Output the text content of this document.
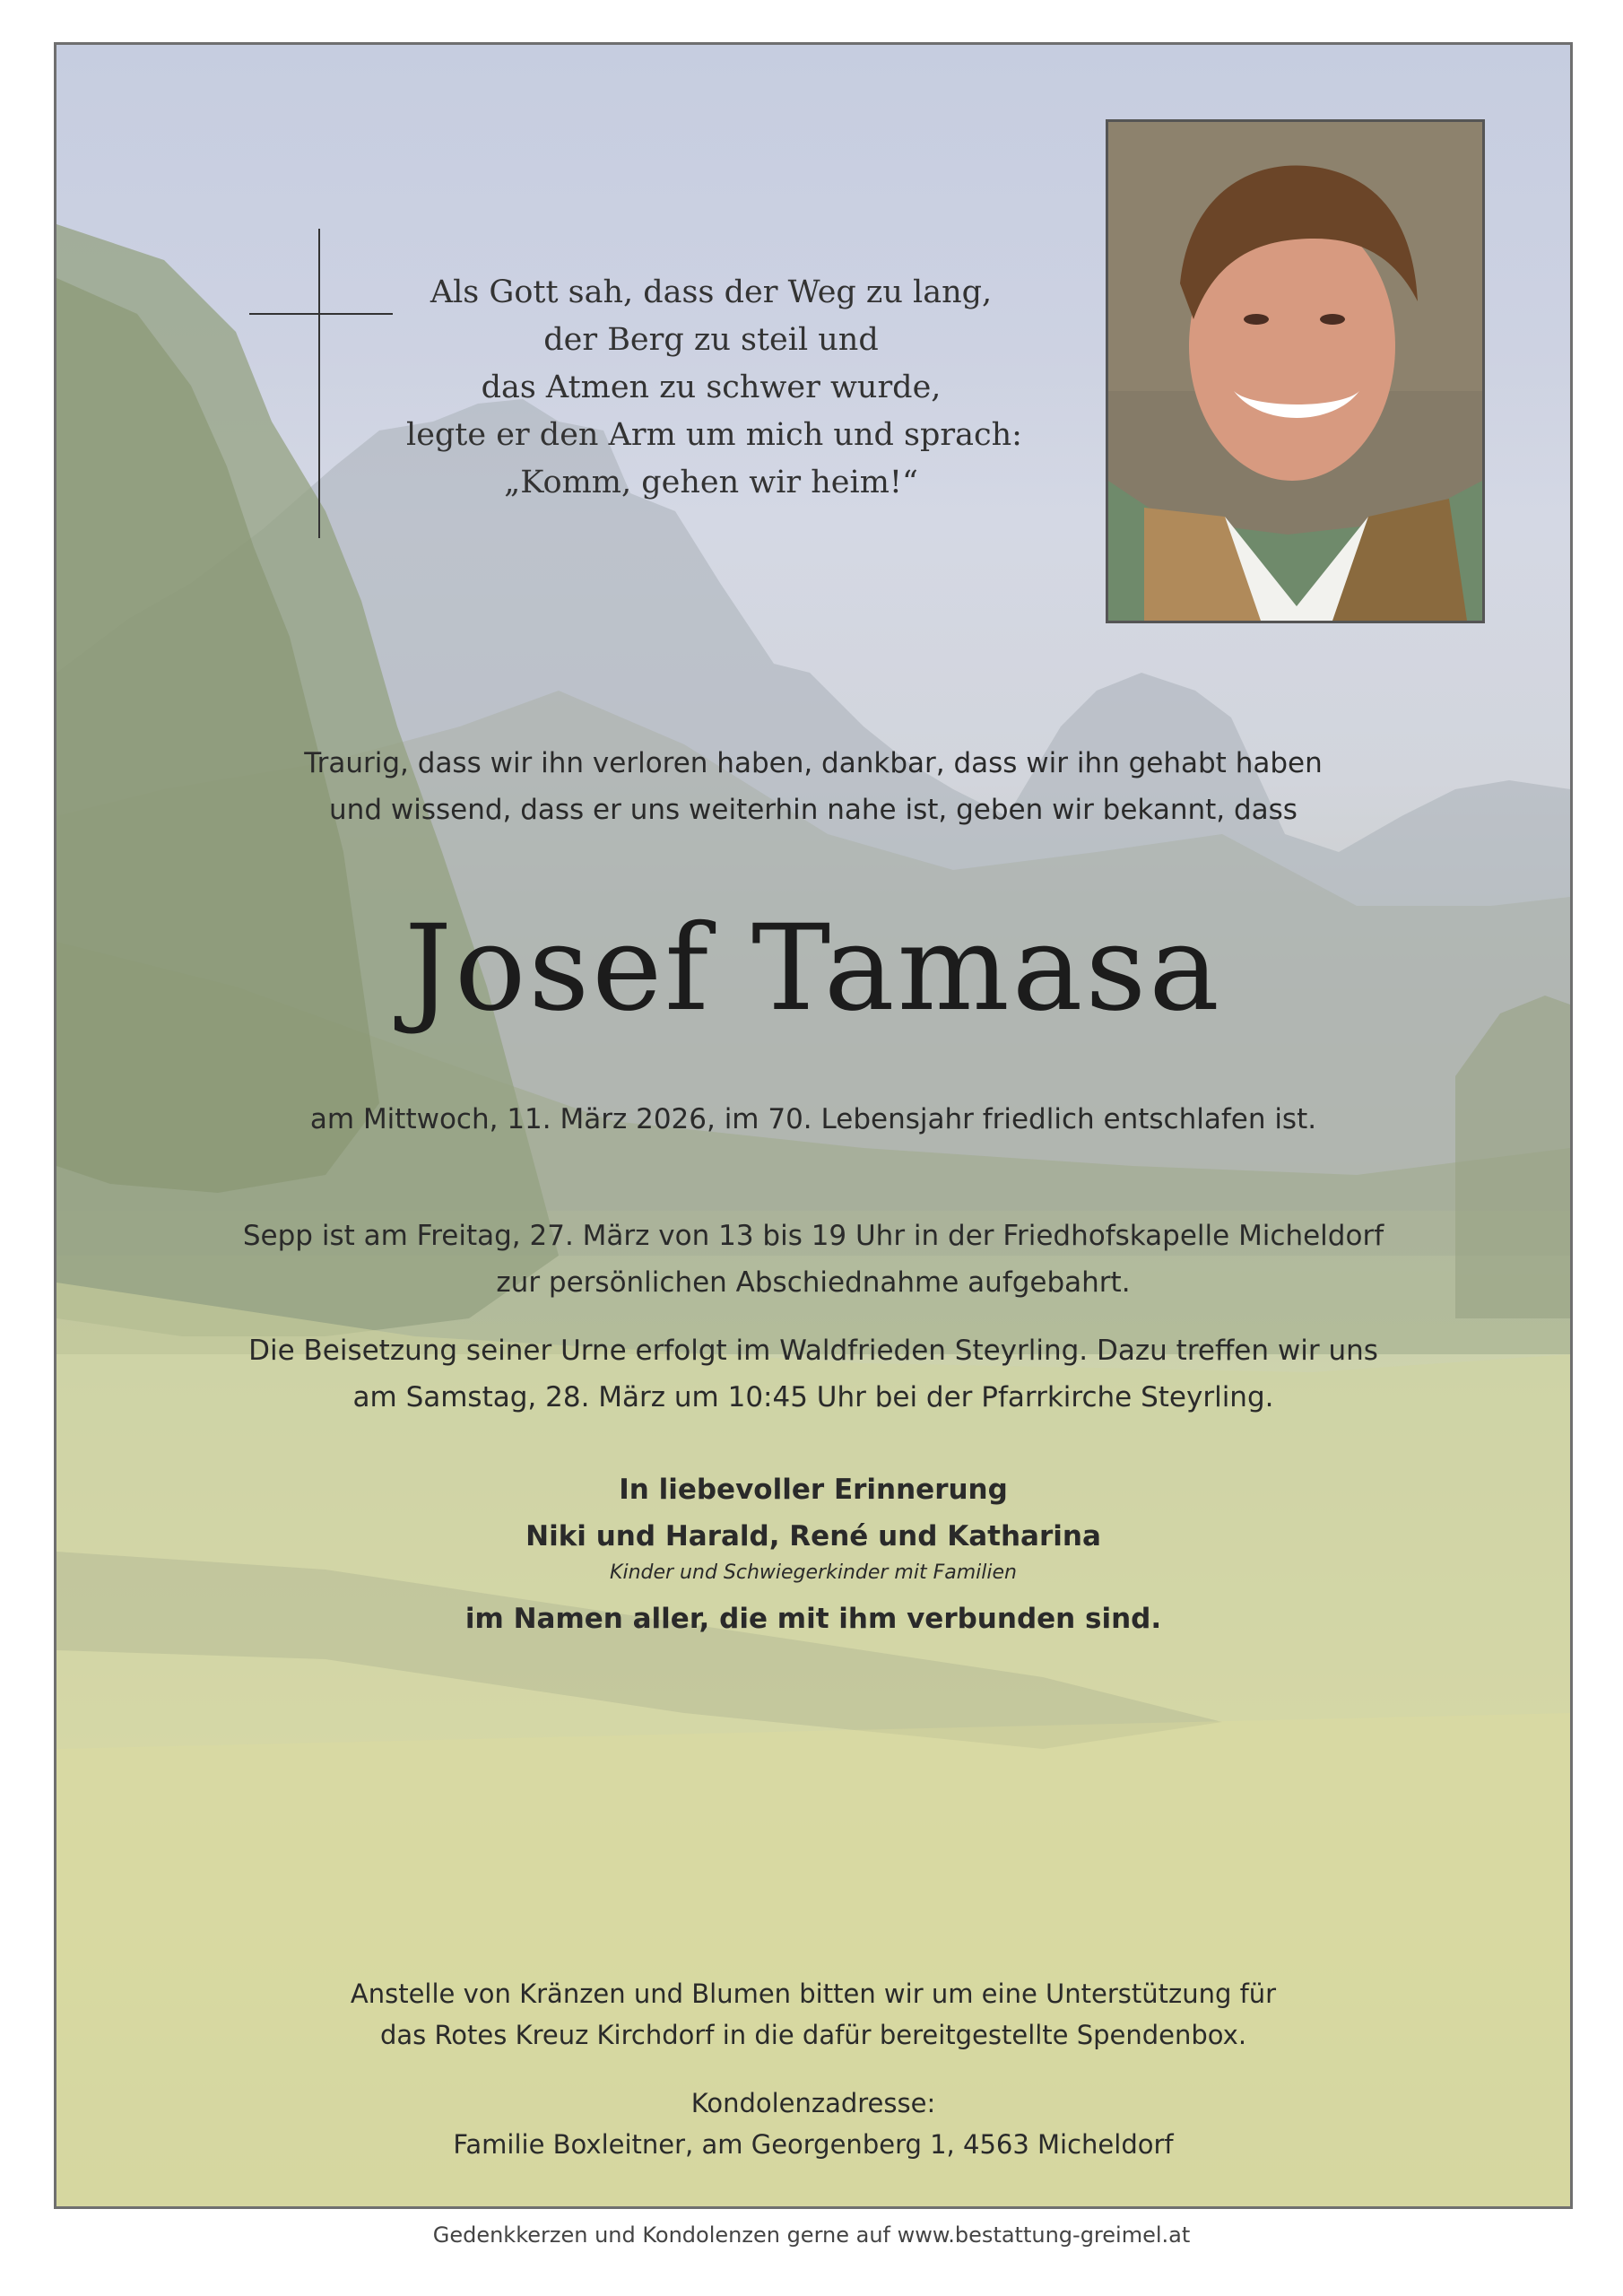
Als Gott sah, dass der Weg zu lang,
der Berg zu steil und
das Atmen zu schwer wurde,
legte er den Arm um mich und sprach:
„Komm, gehen wir heim!“
Traurig, dass wir ihn verloren haben, dankbar, dass wir ihn gehabt haben
und wissend, dass er uns weiterhin nahe ist, geben wir bekannt, dass
Josef Tamasa
am Mittwoch, 11. März 2026, im 70. Lebensjahr friedlich entschlafen ist.
Sepp ist am Freitag, 27. März von 13 bis 19 Uhr in der Friedhofskapelle Micheldorf
zur persönlichen Abschiednahme aufgebahrt.
Die Beisetzung seiner Urne erfolgt im Waldfrieden Steyrling. Dazu treffen wir uns
am Samstag, 28. März um 10:45 Uhr bei der Pfarrkirche Steyrling.
In liebevoller Erinnerung
Niki und Harald, René und Katharina
Kinder und Schwiegerkinder mit Familien
im Namen aller, die mit ihm verbunden sind.
Anstelle von Kränzen und Blumen bitten wir um eine Unterstützung für
das Rotes Kreuz Kirchdorf in die dafür bereitgestellte Spendenbox.
Kondolenzadresse:
Familie Boxleitner, am Georgenberg 1, 4563 Micheldorf
Gedenkkerzen und Kondolenzen gerne auf www.bestattung-greimel.at
